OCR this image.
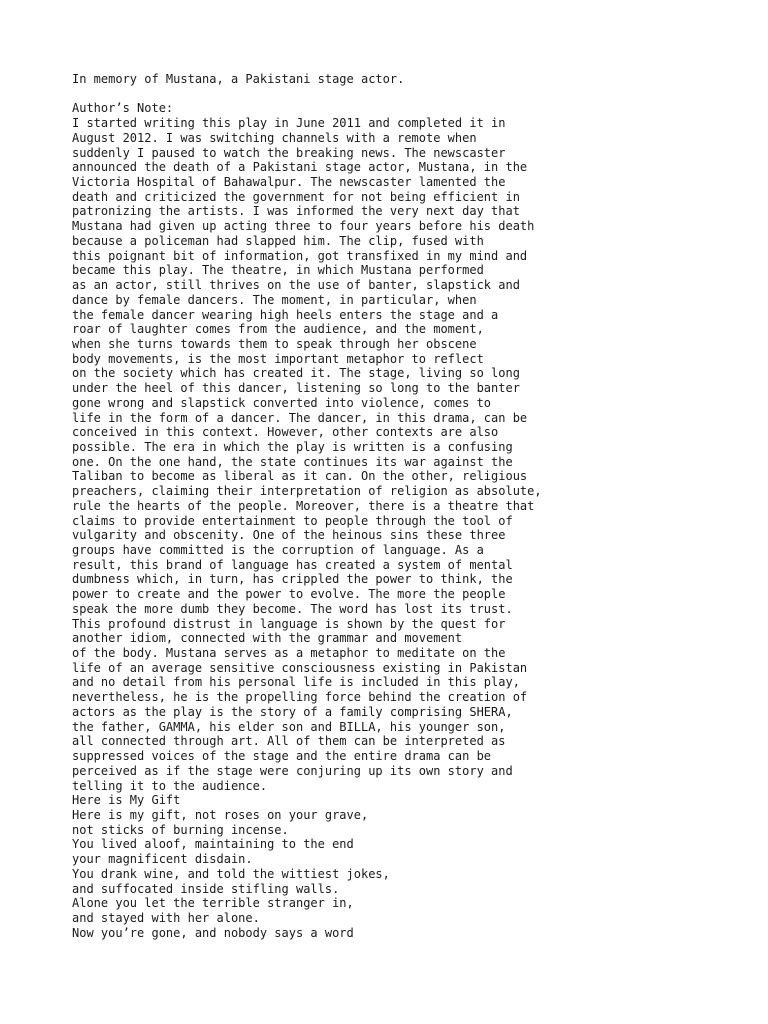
In memory of Mustana, a Pakistani stage actor.
Author’s Note:
I started writing this play in June 2011 and completed it in
August 2012. I was switching channels with a remote when
suddenly I paused to watch the breaking news. The newscaster
announced the death of a Pakistani stage actor, Mustana, in the
Victoria Hospital of Bahawalpur. The newscaster lamented the
death and criticized the government for not being efficient in
patronizing the artists. I was informed the very next day that
Mustana had given up acting three to four years before his death
because a policeman had slapped him. The clip, fused with
this poignant bit of information, got transfixed in my mind and
became this play. The theatre, in which Mustana performed
as an actor, still thrives on the use of banter, slapstick and
dance by female dancers. The moment, in particular, when
the female dancer wearing high heels enters the stage and a
roar of laughter comes from the audience, and the moment,
when she turns towards them to speak through her obscene
body movements, is the most important metaphor to reflect
on the society which has created it. The stage, living so long
under the heel of this dancer, listening so long to the banter
gone wrong and slapstick converted into violence, comes to
life in the form of a dancer. The dancer, in this drama, can be
conceived in this context. However, other contexts are also
possible. The era in which the play is written is a confusing
one. On the one hand, the state continues its war against the
Taliban to become as liberal as it can. On the other, religious
preachers, claiming their interpretation of religion as absolute,
rule the hearts of the people. Moreover, there is a theatre that
claims to provide entertainment to people through the tool of
vulgarity and obscenity. One of the heinous sins these three
groups have committed is the corruption of language. As a
result, this brand of language has created a system of mental
dumbness which, in turn, has crippled the power to think, the
power to create and the power to evolve. The more the people
speak the more dumb they become. The word has lost its trust.
This profound distrust in language is shown by the quest for
another idiom, connected with the grammar and movement
of the body. Mustana serves as a metaphor to meditate on the
life of an average sensitive consciousness existing in Pakistan
and no detail from his personal life is included in this play,
nevertheless, he is the propelling force behind the creation of
actors as the play is the story of a family comprising SHERA,
the father, GAMMA, his elder son and BILLA, his younger son,
all connected through art. All of them can be interpreted as
suppressed voices of the stage and the entire drama can be
perceived as if the stage were conjuring up its own story and
telling it to the audience.
Here is My Gift
Here is my gift, not roses on your grave,
not sticks of burning incense.
You lived aloof, maintaining to the end
your magnificent disdain.
You drank wine, and told the wittiest jokes,
and suffocated inside stifling walls.
Alone you let the terrible stranger in,
and stayed with her alone.
Now you’re gone, and nobody says a word
